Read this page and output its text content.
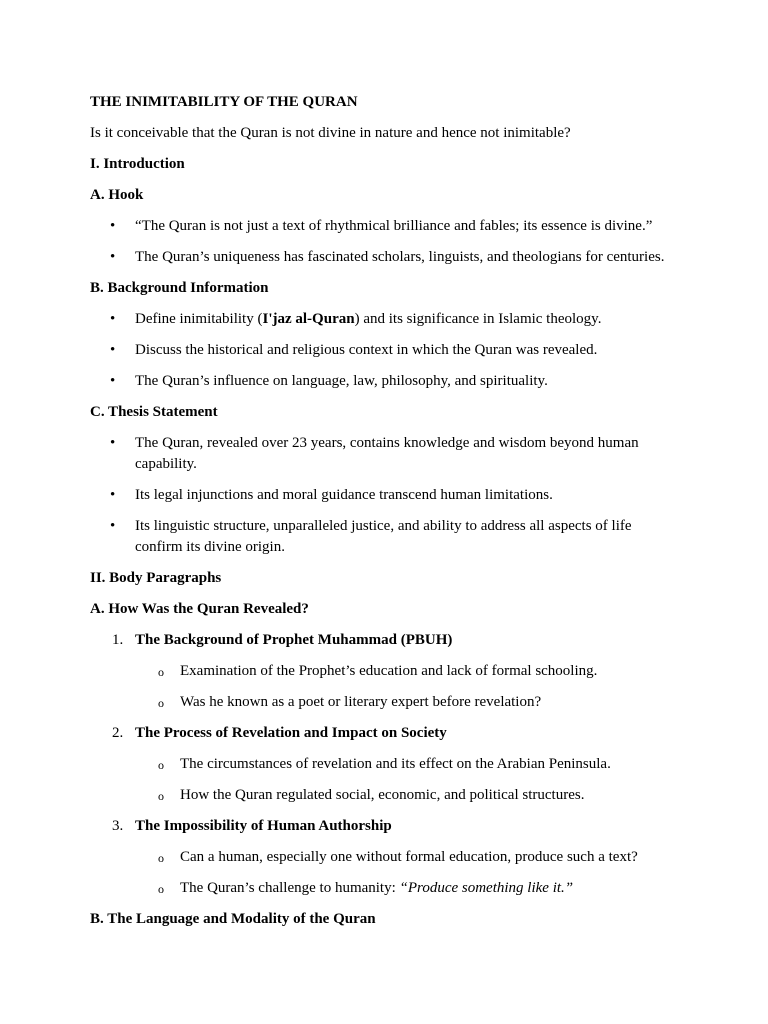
THE INIMITABILITY OF THE QURAN

Is it conceivable that the Quran is not divine in nature and hence not inimitable?

I. Introduction

A. Hook

• “The Quran is not just a text of rhythmical brilliance and fables; its essence is divine.”
• The Quran’s uniqueness has fascinated scholars, linguists, and theologians for centuries.

B. Background Information

• Define inimitability (I'jaz al-Quran) and its significance in Islamic theology.
• Discuss the historical and religious context in which the Quran was revealed.
• The Quran’s influence on language, law, philosophy, and spirituality.

C. Thesis Statement

• The Quran, revealed over 23 years, contains knowledge and wisdom beyond human capability.
• Its legal injunctions and moral guidance transcend human limitations.
• Its linguistic structure, unparalleled justice, and ability to address all aspects of life confirm its divine origin.

II. Body Paragraphs

A. How Was the Quran Revealed?

1. The Background of Prophet Muhammad (PBUH)
o Examination of the Prophet’s education and lack of formal schooling.
o Was he known as a poet or literary expert before revelation?
2. The Process of Revelation and Impact on Society
o The circumstances of revelation and its effect on the Arabian Peninsula.
o How the Quran regulated social, economic, and political structures.
3. The Impossibility of Human Authorship
o Can a human, especially one without formal education, produce such a text?
o The Quran’s challenge to humanity: “Produce something like it.”

B. The Language and Modality of the Quran
